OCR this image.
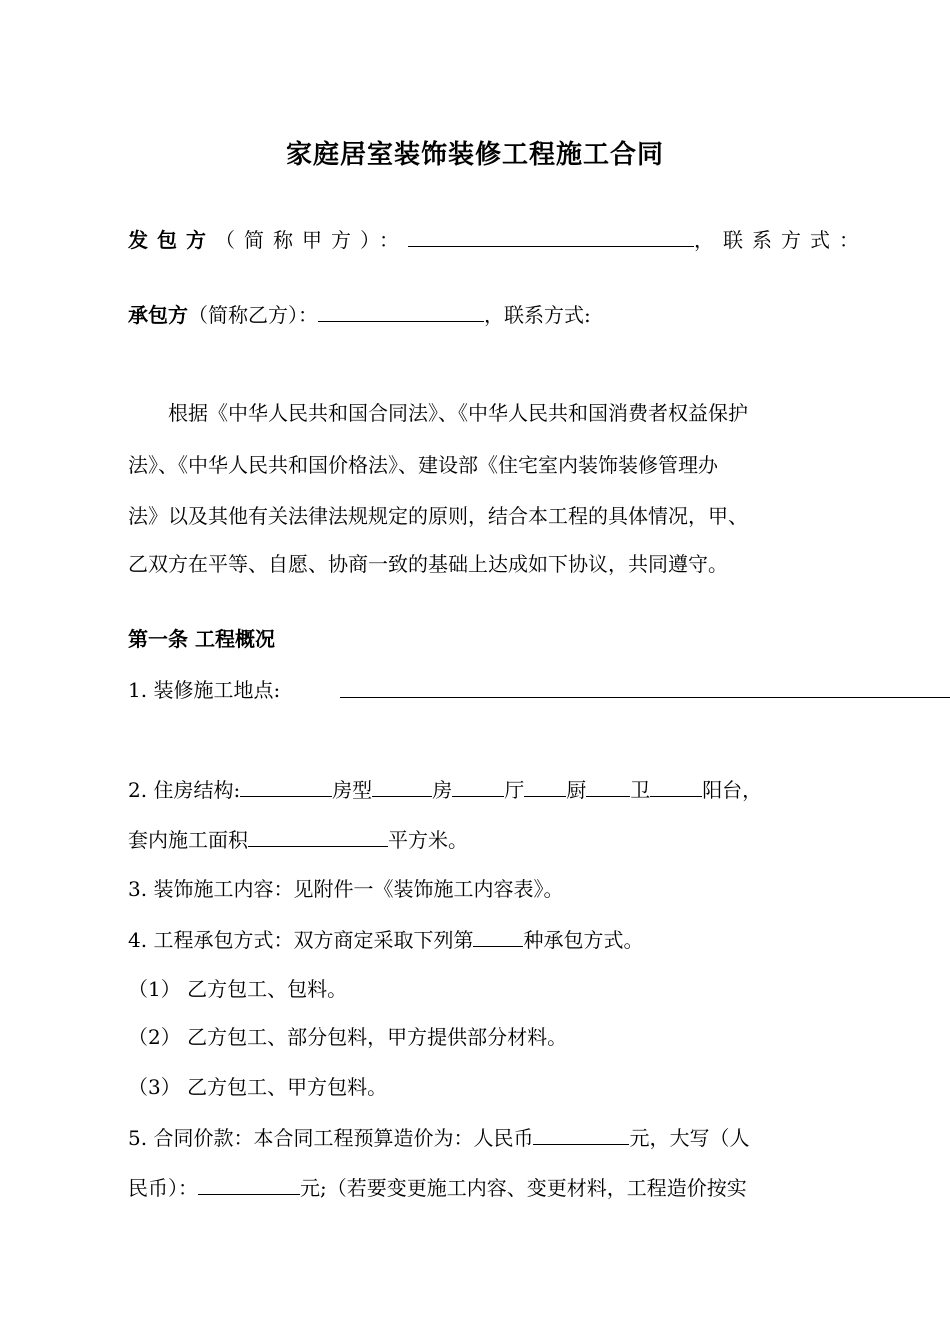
家庭居室装饰装修工程施工合同

发包方（简称甲方）：	，联系方式：

承包方（简称乙方）：	，联系方式:

根据《中华人民共和国合同法》、《中华人民共和国消费者权益保护

法》、《中华人民共和国价格法》、建设部《住宅室内装饰装修管理办

法》以及其他有关法律法规规定的原则，结合本工程的具体情况，甲、

乙双方在平等、自愿、协商一致的基础上达成如下协议，共同遵守。

第一条 工程概况

1. 装修施工地点:

2. 住房结构:	房型	房	厅 厨 卫	阳台，

套内施工面积	平方米。

3. 装饰施工内容：见附件一《装饰施工内容表》。

4. 工程承包方式：双方商定采取下列第	种承包方式。

（1） 乙方包工、包料。

（2） 乙方包工、部分包料，甲方提供部分材料。

（3） 乙方包工、甲方包料。

5. 合同价款：本合同工程预算造价为：人民币	元，大写（人

民币）：	元;（若要变更施工内容、变更材料，工程造价按实
